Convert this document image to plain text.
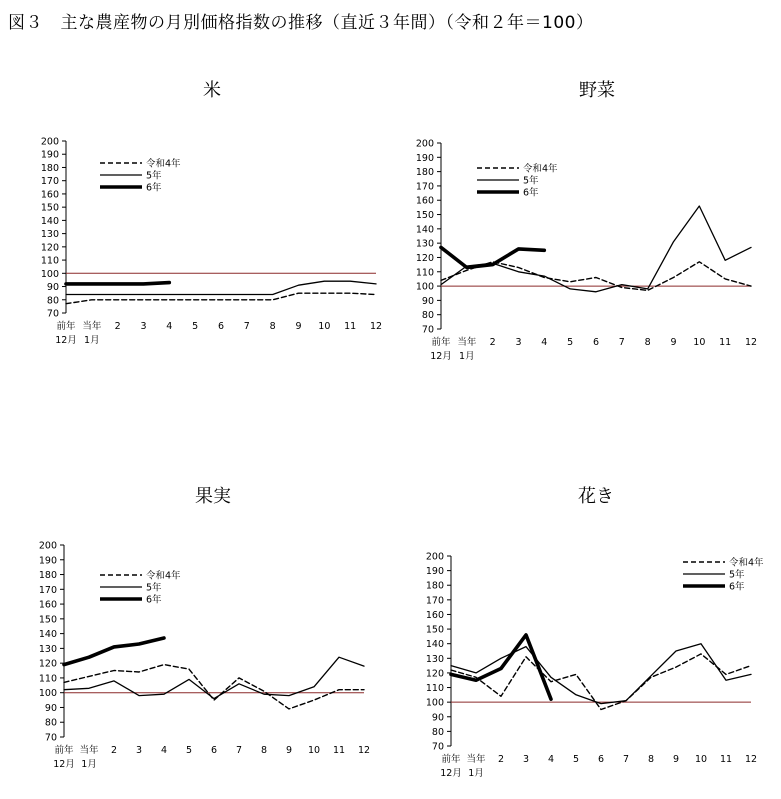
図３　主な農産物の月別価格指数の推移（直近３年間）（令和２年＝100）
米
70
80
90
100
110
120
130
140
150
160
170
180
190
200
前年
12月
当年
1月
2 3 4 5 6 7 8 9 10 11 12
令和4年
5年
6年
野菜
70
80
90
100
110
120
130
140
150
160
170
180
190
200
前年
12月
当年
1月
2 3 4 5 6 7 8 9 10 11 12
令和4年
5年
6年
果実
70
80
90
100
110
120
130
140
150
160
170
180
190
200
前年
12月
当年
1月
2 3 4 5 6 7 8 9 10 11 12
令和4年
5年
6年
花き
70
80
90
100
110
120
130
140
150
160
170
180
190
200
前年
12月
当年
1月
2 3 4 5 6 7 8 9 10 11 12
令和4年
5年
6年
